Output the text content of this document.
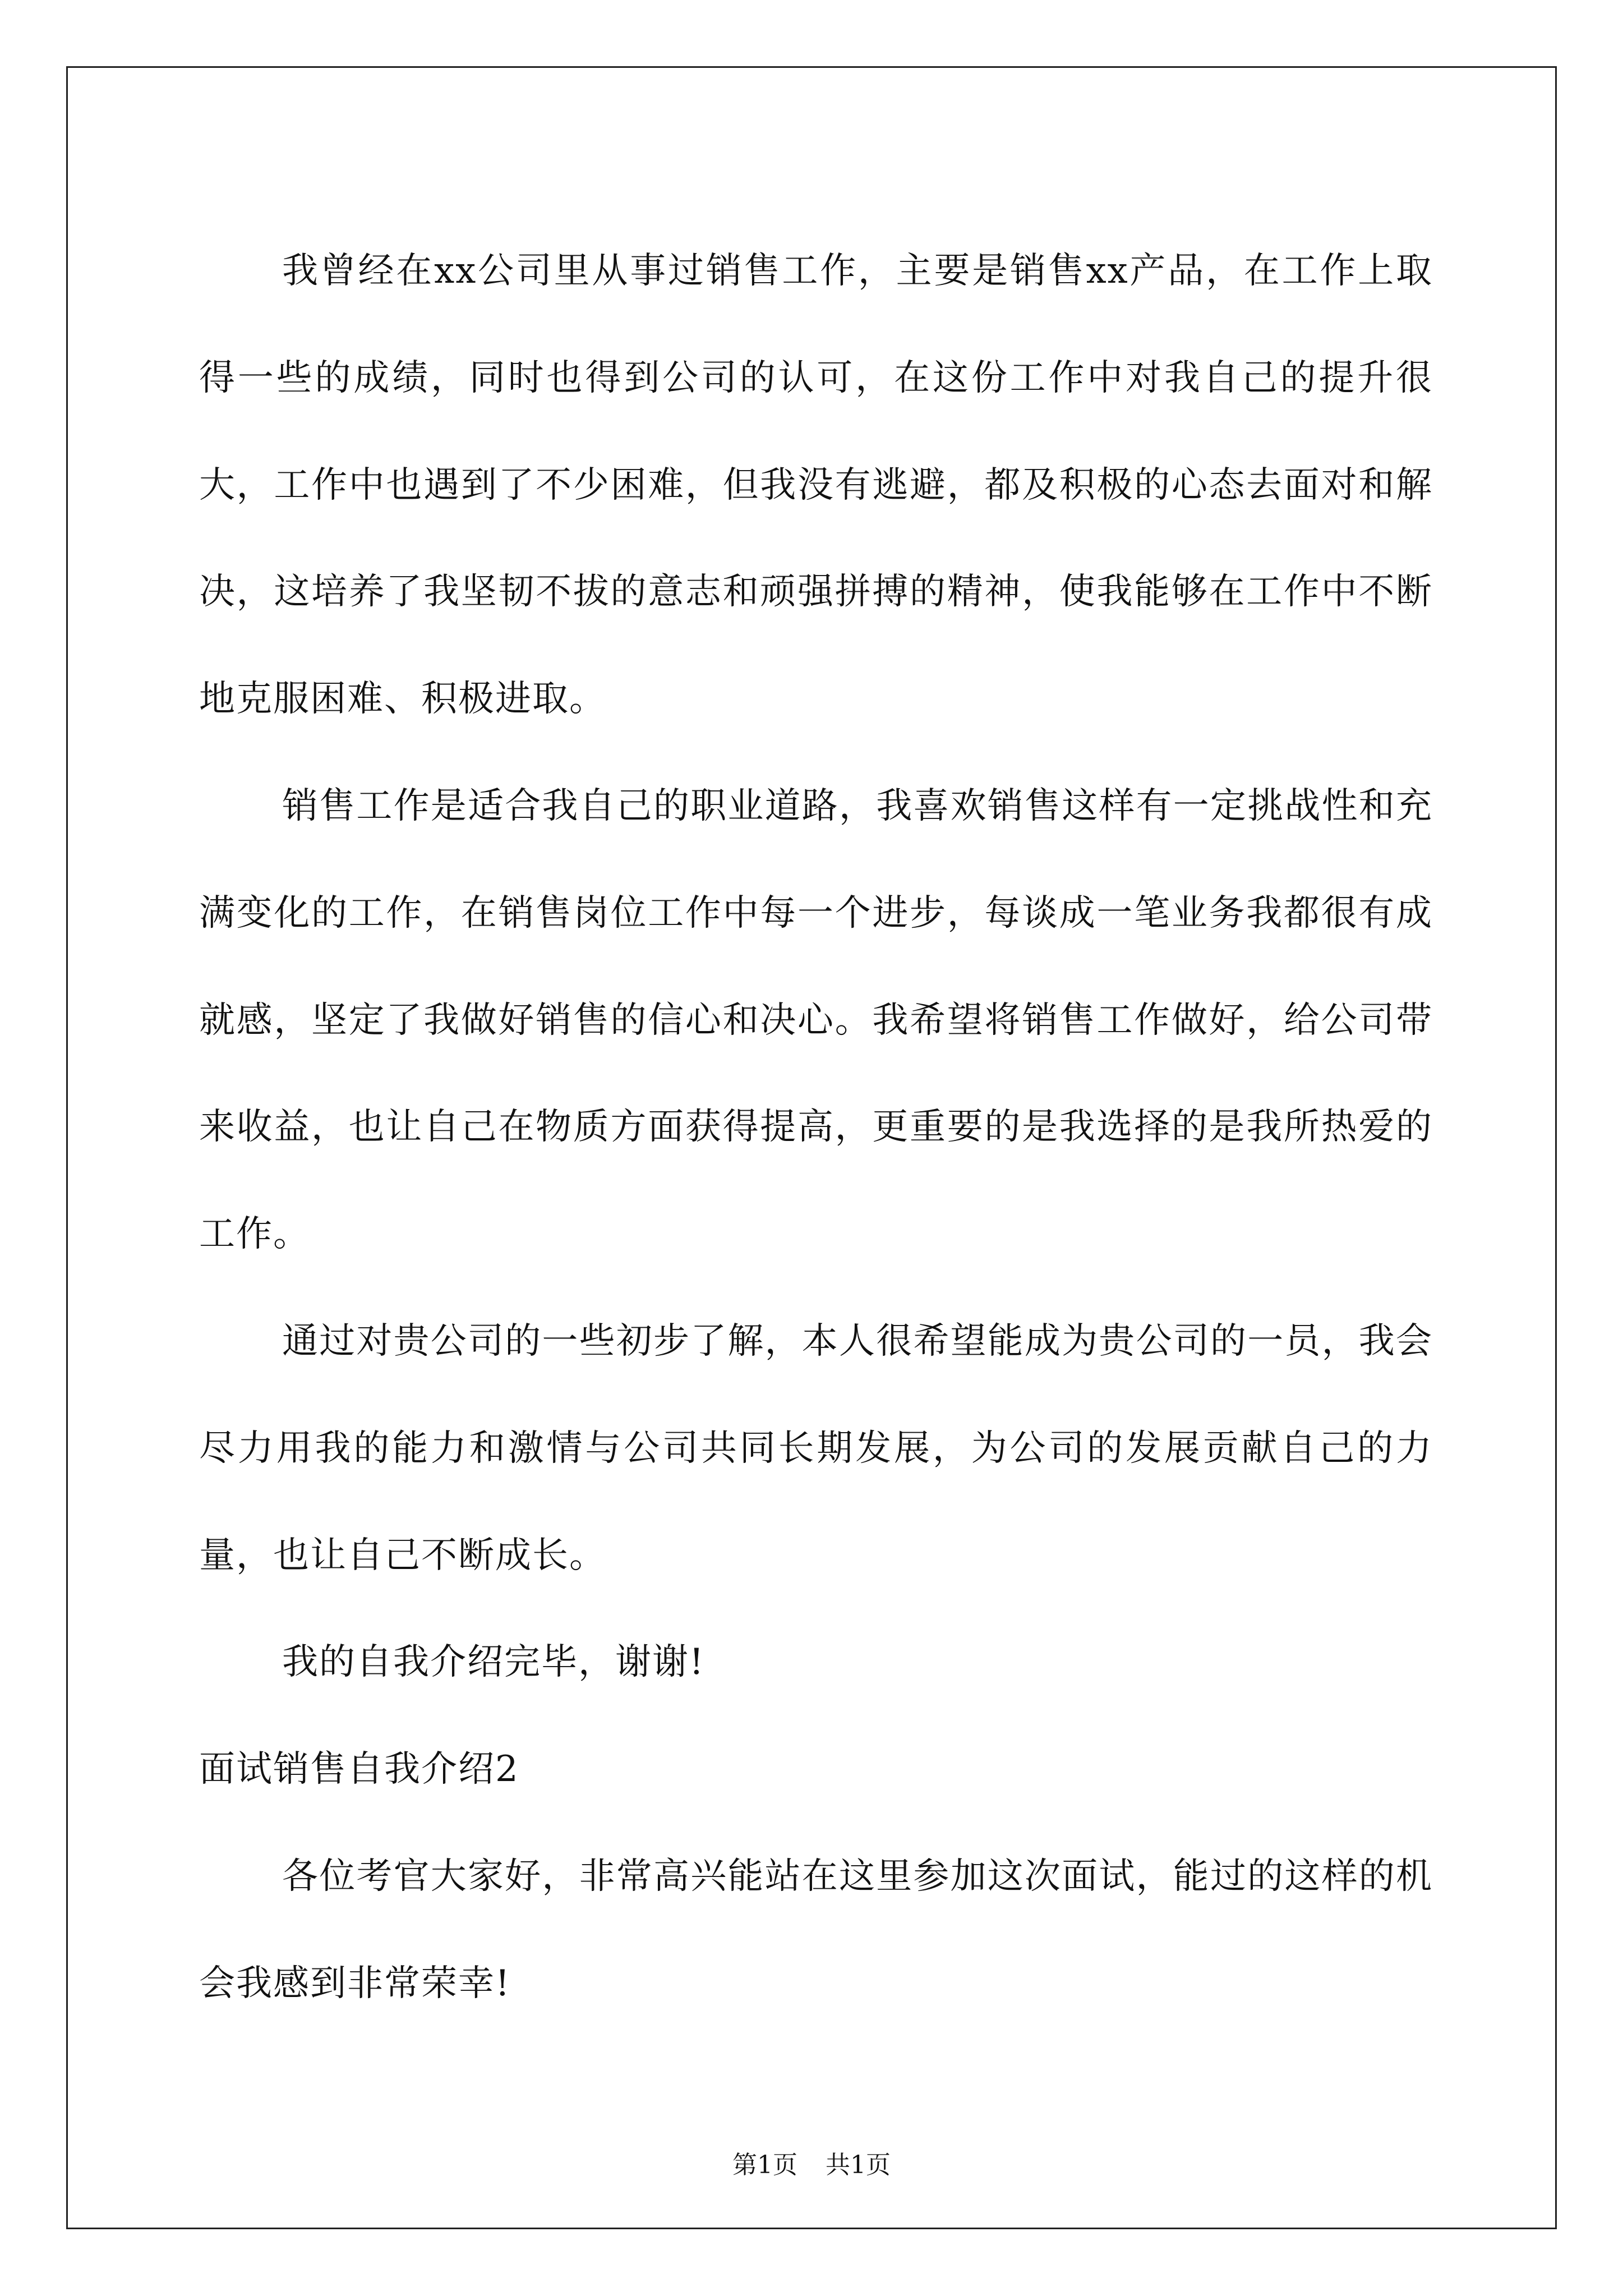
我曾经在xx公司里从事过销售工作，主要是销售xx产品，在工作上取得一些的成绩，同时也得到公司的认可，在这份工作中对我自己的提升很大，工作中也遇到了不少困难，但我没有逃避，都及积极的心态去面对和解决，这培养了我坚韧不拔的意志和顽强拼搏的精神，使我能够在工作中不断地克服困难、积极进取。

销售工作是适合我自己的职业道路，我喜欢销售这样有一定挑战性和充满变化的工作，在销售岗位工作中每一个进步，每谈成一笔业务我都很有成就感，坚定了我做好销售的信心和决心。我希望将销售工作做好，给公司带来收益，也让自己在物质方面获得提高，更重要的是我选择的是我所热爱的工作。

通过对贵公司的一些初步了解，本人很希望能成为贵公司的一员，我会尽力用我的能力和激情与公司共同长期发展，为公司的发展贡献自己的力量，也让自己不断成长。

我的自我介绍完毕，谢谢!

面试销售自我介绍2

各位考官大家好，非常高兴能站在这里参加这次面试，能过的这样的机会我感到非常荣幸!

第1页 共1页
